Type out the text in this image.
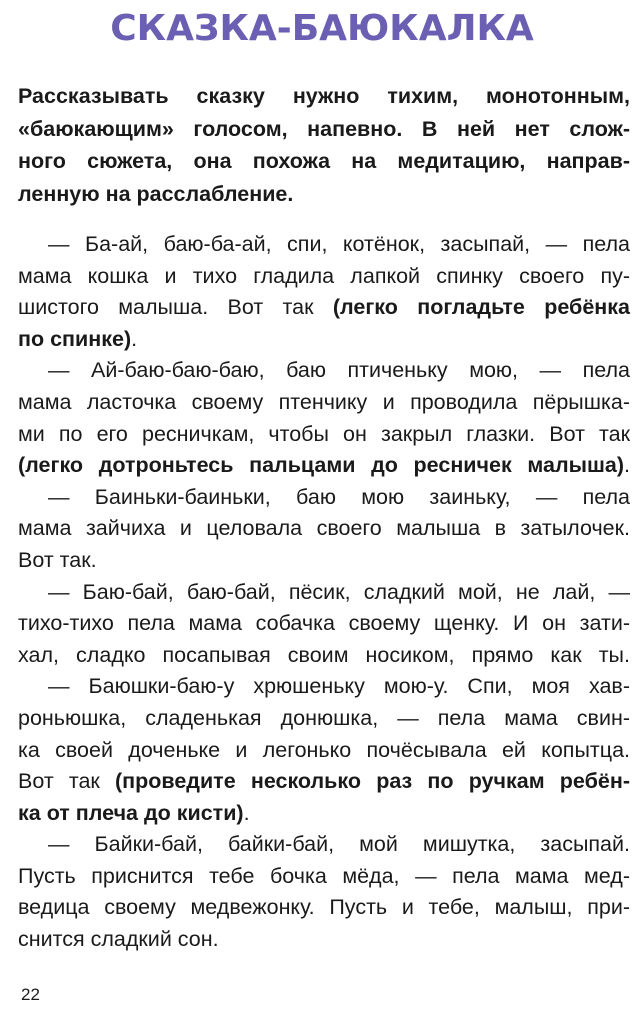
СКАЗКА-БАЮКАЛКА
Рассказывать сказку нужно тихим, монотонным,
«баюкающим» голосом, напевно. В ней нет слож-
ного сюжета, она похожа на медитацию, направ-
ленную на расслабление.
— Ба-ай, баю-ба-ай, спи, котёнок, засыпай, — пела
мама кошка и тихо гладила лапкой спинку своего пу-
шистого малыша. Вот так (легко погладьте ребёнка
по спинке).
— Ай-баю-баю-баю, баю птиченьку мою, — пела
мама ласточка своему птенчику и проводила пёрышка-
ми по его ресничкам, чтобы он закрыл глазки. Вот так
(легко дотроньтесь пальцами до ресничек малыша).
— Баиньки-баиньки, баю мою заиньку, — пела
мама зайчиха и целовала своего малыша в затылочек.
Вот так.
— Баю-бай, баю-бай, пёсик, сладкий мой, не лай, —
тихо-тихо пела мама собачка своему щенку. И он зати-
хал, сладко посапывая своим носиком, прямо как ты.
— Баюшки-баю-у хрюшеньку мою-у. Спи, моя хав-
роньюшка, сладенькая донюшка, — пела мама свин-
ка своей доченьке и легонько почёсывала ей копытца.
Вот так (проведите несколько раз по ручкам ребён-
ка от плеча до кисти).
— Байки-бай, байки-бай, мой мишутка, засыпай.
Пусть приснится тебе бочка мёда, — пела мама мед-
ведица своему медвежонку. Пусть и тебе, малыш, при-
снится сладкий сон.
22
